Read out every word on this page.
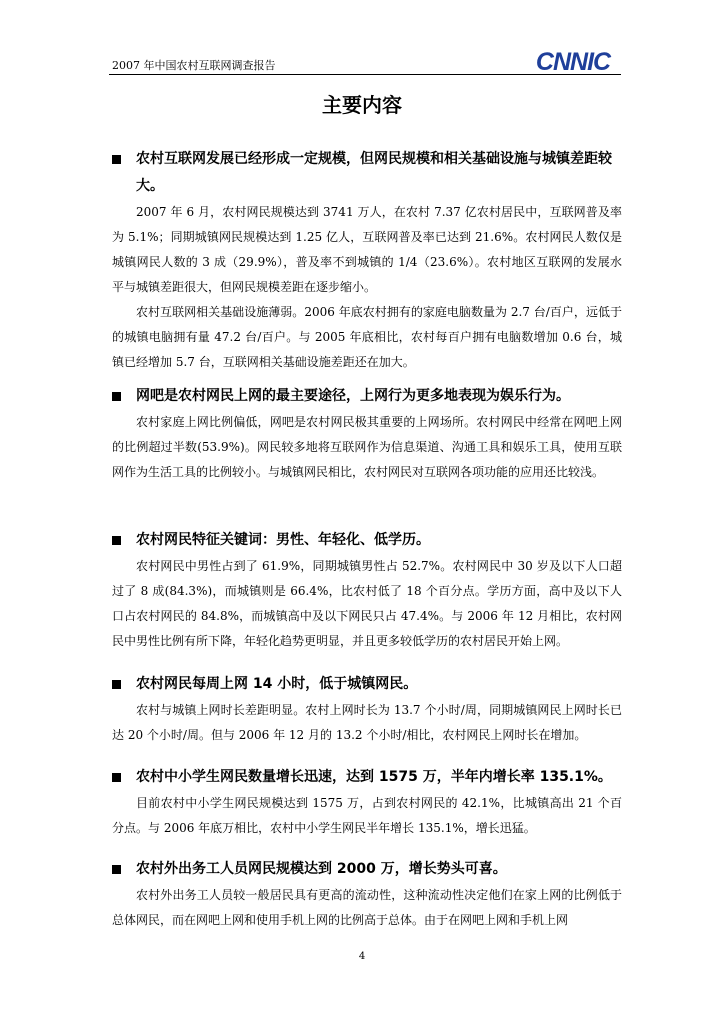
2007 年中国农村互联网调查报告	CNNIC
主要内容
农村互联网发展已经形成一定规模，但网民规模和相关基础设施与城镇差距较大。

2007 年 6 月，农村网民规模达到 3741 万人，在农村 7.37 亿农村居民中，互联网普及率为 5.1%；同期城镇网民规模达到 1.25 亿人，互联网普及率已达到 21.6%。农村网民人数仅是城镇网民人数的 3 成（29.9%），普及率不到城镇的 1/4（23.6%）。农村地区互联网的发展水平与城镇差距很大，但网民规模差距在逐步缩小。

农村互联网相关基础设施薄弱。2006 年底农村拥有的家庭电脑数量为 2.7 台/百户，远低于的城镇电脑拥有量 47.2 台/百户。与 2005 年底相比，农村每百户拥有电脑数增加 0.6 台，城镇已经增加 5.7 台，互联网相关基础设施差距还在加大。

网吧是农村网民上网的最主要途径，上网行为更多地表现为娱乐行为。

农村家庭上网比例偏低，网吧是农村网民极其重要的上网场所。农村网民中经常在网吧上网的比例超过半数(53.9%)。网民较多地将互联网作为信息渠道、沟通工具和娱乐工具，使用互联网作为生活工具的比例较小。与城镇网民相比，农村网民对互联网各项功能的应用还比较浅。

农村网民特征关键词：男性、年轻化、低学历。

农村网民中男性占到了 61.9%，同期城镇男性占 52.7%。农村网民中 30 岁及以下人口超过了 8 成(84.3%)，而城镇则是 66.4%，比农村低了 18 个百分点。学历方面，高中及以下人口占农村网民的 84.8%，而城镇高中及以下网民只占 47.4%。与 2006 年 12 月相比，农村网民中男性比例有所下降，年轻化趋势更明显，并且更多较低学历的农村居民开始上网。

农村网民每周上网 14 小时，低于城镇网民。

农村与城镇上网时长差距明显。农村上网时长为 13.7 个小时/周，同期城镇网民上网时长已达 20 个小时/周。但与 2006 年 12 月的 13.2 个小时/相比，农村网民上网时长在增加。

农村中小学生网民数量增长迅速，达到 1575 万，半年内增长率 135.1%。

目前农村中小学生网民规模达到 1575 万，占到农村网民的 42.1%，比城镇高出 21 个百分点。与 2006 年底万相比，农村中小学生网民半年增长 135.1%，增长迅猛。

农村外出务工人员网民规模达到 2000 万，增长势头可喜。

农村外出务工人员较一般居民具有更高的流动性，这种流动性决定他们在家上网的比例低于总体网民，而在网吧上网和使用手机上网的比例高于总体。由于在网吧上网和手机上网

4
